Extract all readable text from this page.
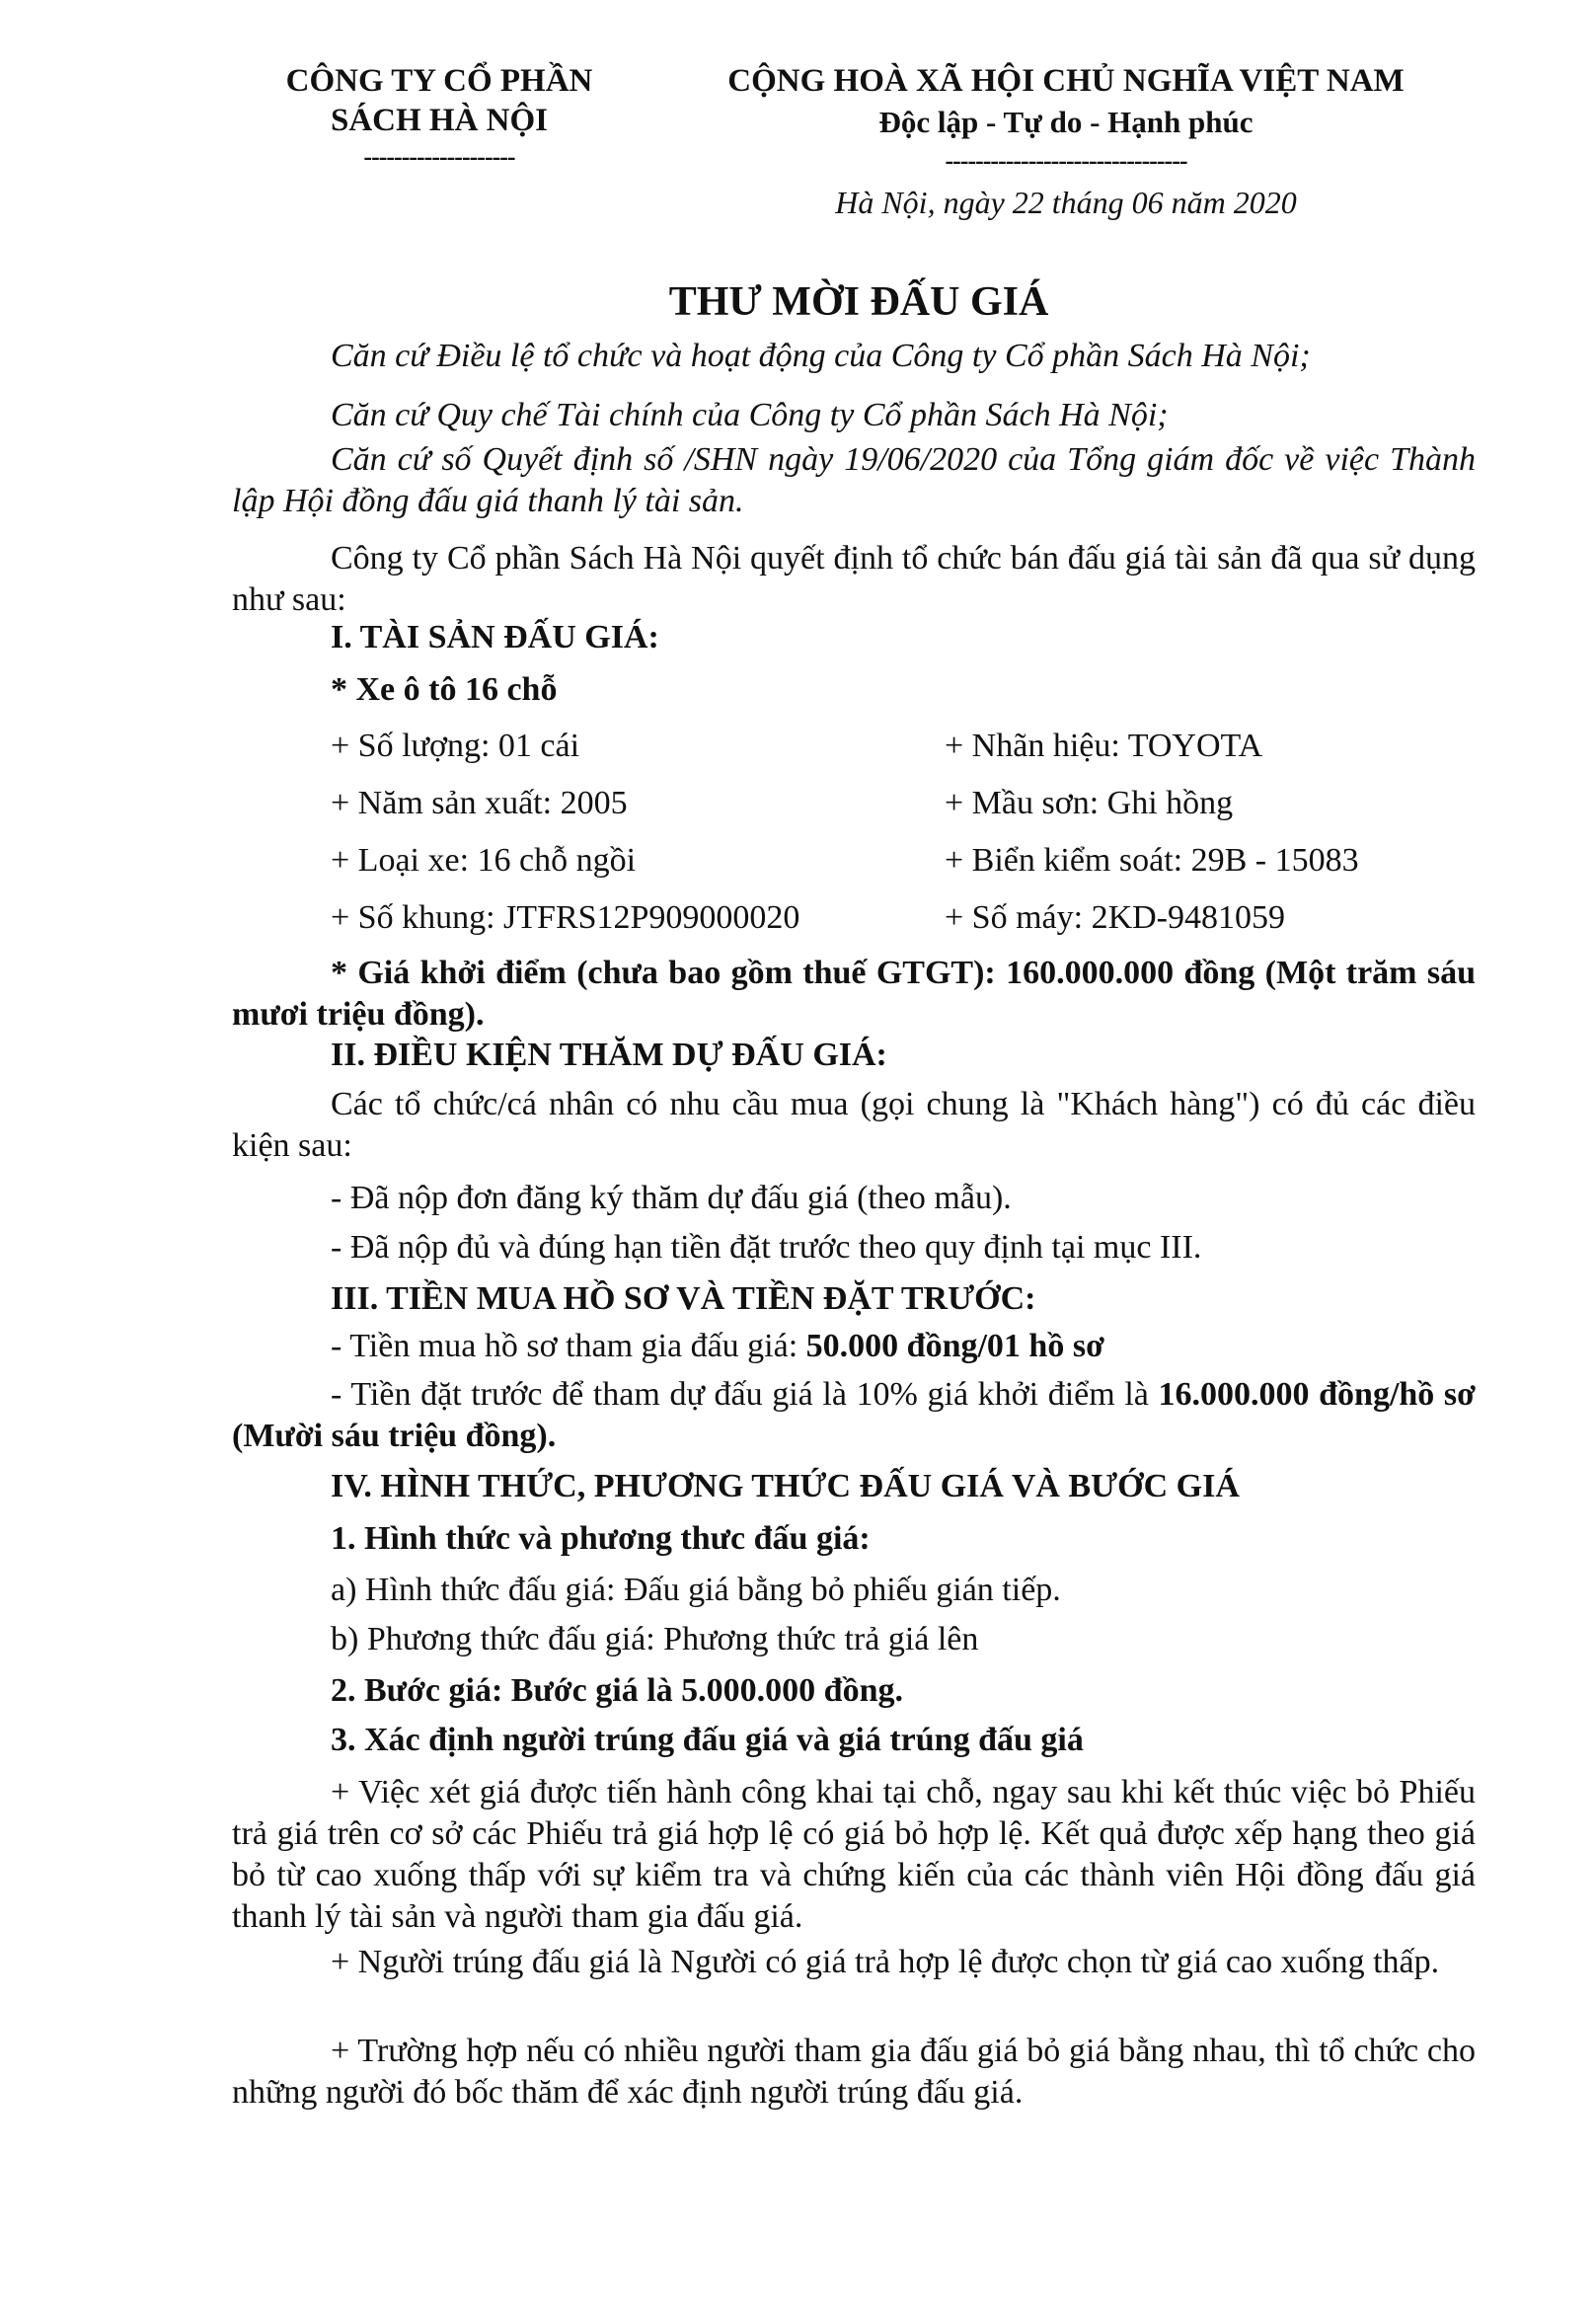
CÔNG TY CỔ PHẦN
SÁCH HÀ NỘI
--------------------
CỘNG HOÀ XÃ HỘI CHỦ NGHĨA VIỆT NAM
Độc lập - Tự do - Hạnh phúc
--------------------------------
Hà Nội, ngày 22 tháng 06 năm 2020
THƯ MỜI ĐẤU GIÁ
Căn cứ Điều lệ tổ chức và hoạt động của Công ty Cổ phần Sách Hà Nội;
Căn cứ Quy chế Tài chính của Công ty Cổ phần Sách Hà Nội;
Căn cứ số Quyết định số /SHN ngày 19/06/2020 của Tổng giám đốc về việc Thành lập Hội đồng đấu giá thanh lý tài sản.
Công ty Cổ phần Sách Hà Nội quyết định tổ chức bán đấu giá tài sản đã qua sử dụng như sau:
I. TÀI SẢN ĐẤU GIÁ:
* Xe ô tô 16 chỗ
+ Số lượng: 01 cái
+ Năm sản xuất: 2005
+ Loại xe: 16 chỗ ngồi
+ Số khung: JTFRS12P909000020
+ Nhãn hiệu: TOYOTA
+ Mầu sơn: Ghi hồng
+ Biển kiểm soát: 29B - 15083
+ Số máy: 2KD-9481059
* Giá khởi điểm (chưa bao gồm thuế GTGT): 160.000.000 đồng (Một trăm sáu mươi triệu đồng).
II. ĐIỀU KIỆN THĂM DỰ ĐẤU GIÁ:
Các tổ chức/cá nhân có nhu cầu mua (gọi chung là "Khách hàng") có đủ các điều kiện sau:
- Đã nộp đơn đăng ký thăm dự đấu giá (theo mẫu).
- Đã nộp đủ và đúng hạn tiền đặt trước theo quy định tại mục III.
III. TIỀN MUA HỒ SƠ VÀ TIỀN ĐẶT TRƯỚC:
- Tiền mua hồ sơ tham gia đấu giá: 50.000 đồng/01 hồ sơ
- Tiền đặt trước để tham dự đấu giá là 10% giá khởi điểm là 16.000.000 đồng/hồ sơ (Mười sáu triệu đồng).
IV. HÌNH THỨC, PHƯƠNG THỨC ĐẤU GIÁ VÀ BƯỚC GIÁ
1. Hình thức và phương thưc đấu giá:
a) Hình thức đấu giá: Đấu giá bằng bỏ phiếu gián tiếp.
b) Phương thức đấu giá: Phương thức trả giá lên
2. Bước giá: Bước giá là 5.000.000 đồng.
3. Xác định người trúng đấu giá và giá trúng đấu giá
+ Việc xét giá được tiến hành công khai tại chỗ, ngay sau khi kết thúc việc bỏ Phiếu trả giá trên cơ sở các Phiếu trả giá hợp lệ có giá bỏ hợp lệ. Kết quả được xếp hạng theo giá bỏ từ cao xuống thấp với sự kiểm tra và chứng kiến của các thành viên Hội đồng đấu giá thanh lý tài sản và người tham gia đấu giá.
+ Người trúng đấu giá là Người có giá trả hợp lệ được chọn từ giá cao xuống thấp.
+ Trường hợp nếu có nhiều người tham gia đấu giá bỏ giá bằng nhau, thì tổ chức cho những người đó bốc thăm để xác định người trúng đấu giá.
